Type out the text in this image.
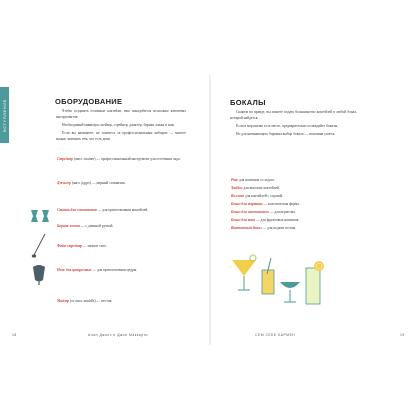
ВСТУПЛЕНИЕ	ОБОРУДОВАНИЕ

Чтобы создавать отличные коктейли, вам понадобится несколько ключевых инструментов.

Необходимый минимум: шейкер, стрейнер, джиггер, барная ложка и нож.

Если вы начинаете, не гонитесь за профессиональным набором — многое можно заменить тем, что есть дома.

Стрейнер (англ. strainer) — профессиональный инструмент для отсечения льда.
Джиггер (англ. jigger) — мерный стаканчик.
Стакан для смешивания — для приготовления коктейлей.
Барная ложка — с длинной ручкой.
Файн-стрейнер — мелкое сито.
Нож для цитрусовых — для приготовления цедры.
Мадлер (от англ. muddle) — пестик.
БОКАЛЫ

Скажем по правде, вы можете подать большинство коктейлей в любой бокал, который найдется.

Если в морозилке есть место, предварительно охлаждайте бокалы.

Но для начинающего бармена выбор бокала — половина успеха.

Рокс для напитков со льдом.
Хайбол для высоких коктейлей.
Коллинз для коктейлей с содовой.
Бокал для мартини — классическая форма.
Бокал для шампанского — для игристых.
Бокал для вина — для фруктовых напитков.
Винтажный бокал — для подачи гостям.
18	Алан Джонс и Джон Маккарти	СЕМ СЕБЕ БАРМЕН	19
